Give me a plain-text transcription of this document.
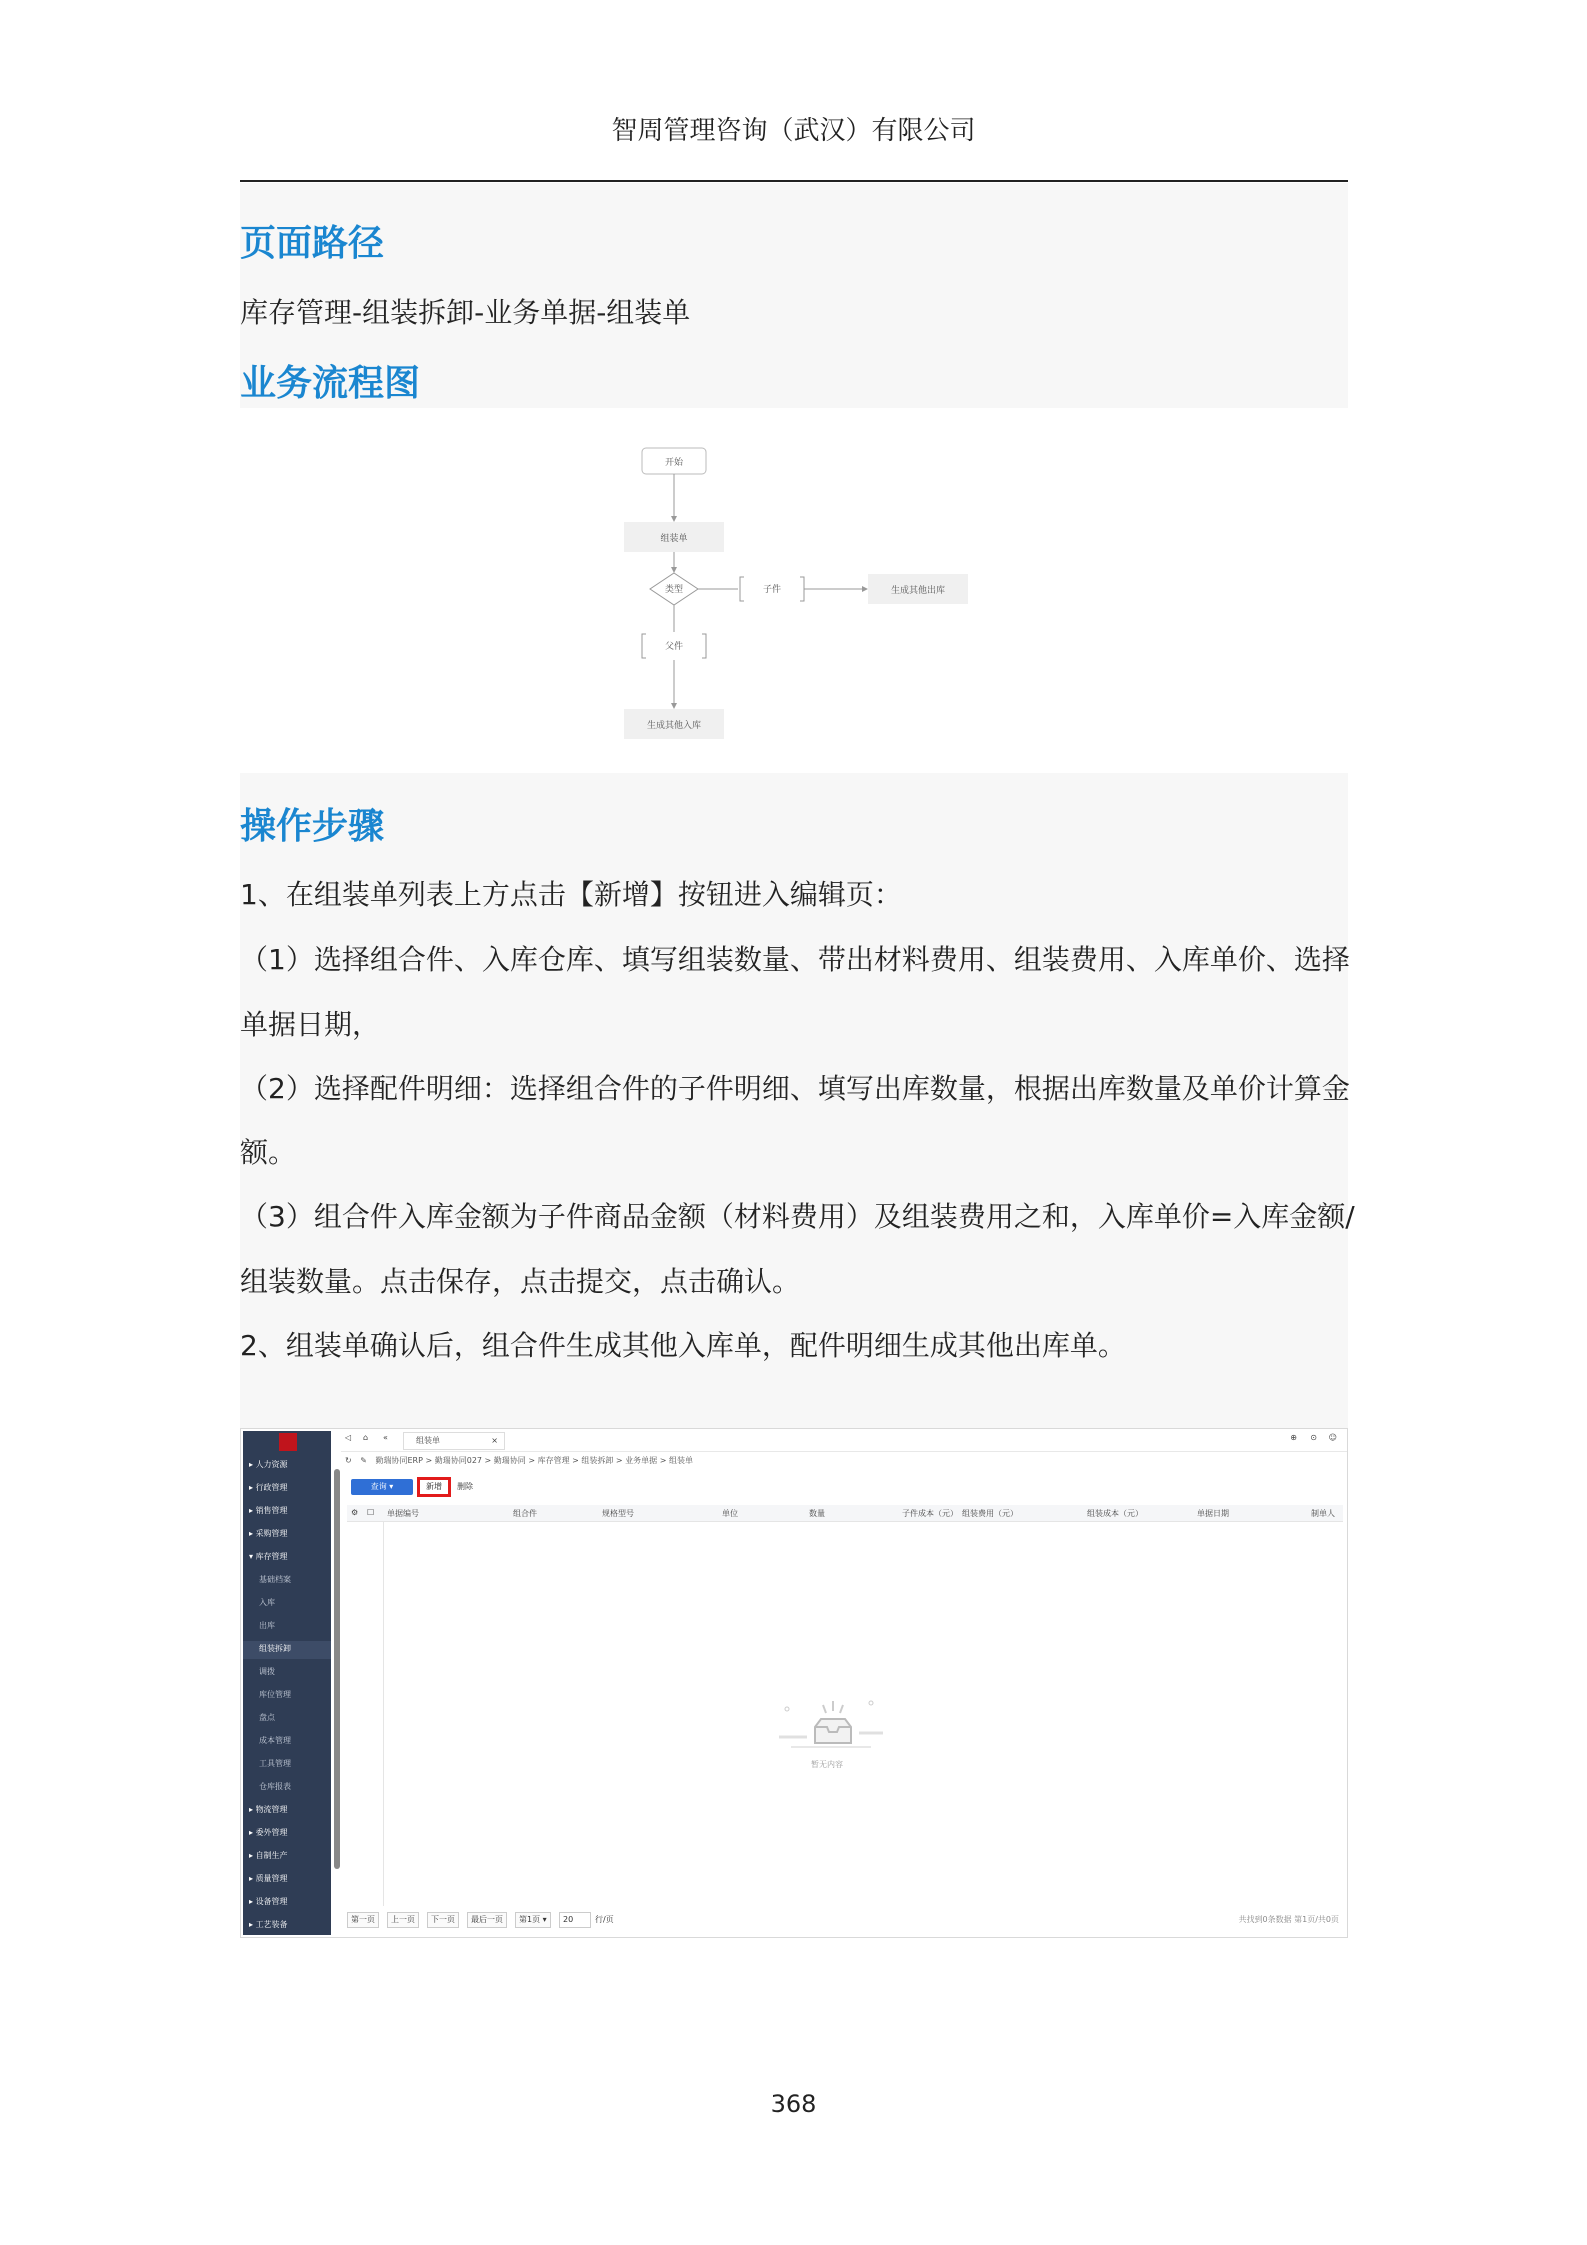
智周管理咨询（武汉）有限公司
页面路径
库存管理-组装拆卸-业务单据-组装单
业务流程图
开始
组装单
类型	子件	生成其他出库
父件
生成其他入库
操作步骤
1、在组装单列表上方点击【新增】按钮进入编辑页：
（1）选择组合件、入库仓库、填写组装数量、带出材料费用、组装费用、入库单价、选择
单据日期，
（2）选择配件明细：选择组合件的子件明细、填写出库数量，根据出库数量及单价计算金
额。
（3）组合件入库金额为子件商品金额（材料费用）及组装费用之和，入库单价=入库金额/
组装数量。点击保存，点击提交，点击确认。
2、组装单确认后，组合件生成其他入库单，配件明细生成其他出库单。
▸ 人力资源
▸ 行政管理
▸ 销售管理
▸ 采购管理
▾ 库存管理
基础档案
入库
出库
组装拆卸
调拨
库位管理
盘点
成本管理
工具管理
仓库报表
▸ 物流管理
▸ 委外管理
▸ 自制生产
▸ 质量管理
▸ 设备管理
▸ 工艺装备
◁ ⌂ «	组装单	×	⊕ ⊙ ☺
↻ ✎ 勤瑞协同ERP > 勤瑞协同027 > 勤瑞协同 > 库存管理 > 组装拆卸 > 业务单据 > 组装单
查询 ▾	新增	删除
⚙ ☐ 单据编号	组合件	规格型号	单位	数量	子件成本（元） 组装费用（元）	组装成本（元）	单据日期	制单人
暂无内容
第一页	上一页	下一页	最后一页	第1页 ▾	20	行/页	共找到0条数据 第1页/共0页
368
